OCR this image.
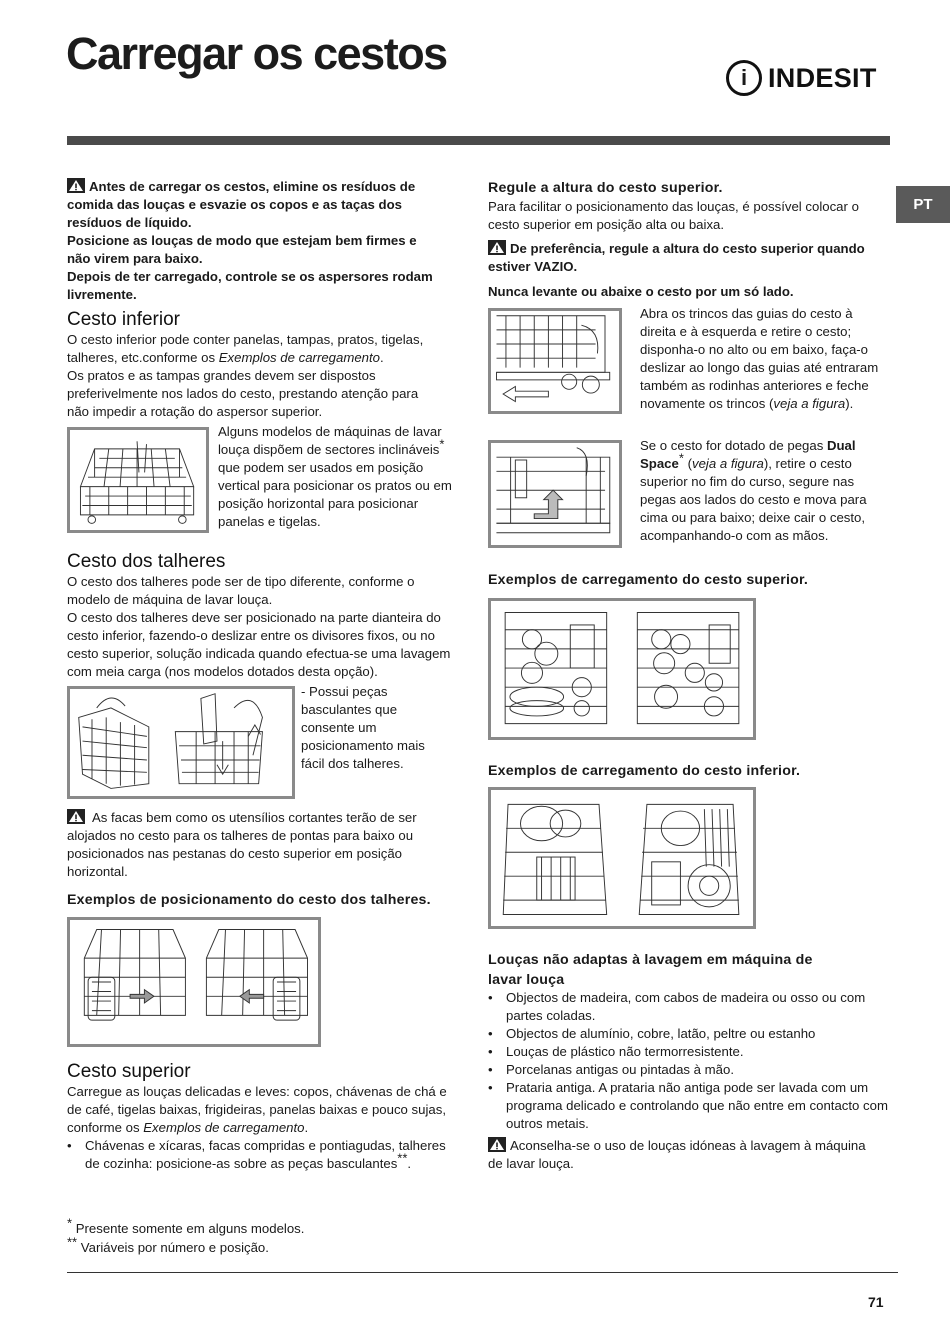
Carregar os cestos	i INDESIT
PT

Antes de carregar os cestos, elimine os resíduos de comida das louças e esvazie os copos e as taças dos resíduos de líquido.

Posicione as louças de modo que estejam bem firmes e não virem para baixo.

Depois de ter carregado, controle se os aspersores rodam livremente.

Cesto inferior

O cesto inferior pode conter panelas, tampas, pratos, tigelas, talheres, etc.conforme os Exemplos de carregamento.

Os pratos e as tampas grandes devem ser dispostos preferivelmente nos lados do cesto, prestando atenção para não impedir a rotação do aspersor superior.

Alguns modelos de máquinas de lavar louça dispõem de sectores inclináveis* que podem ser usados em posição vertical para posicionar os pratos ou em posição horizontal para posicionar panelas e tigelas.
Cesto dos talheres

O cesto dos talheres pode ser de tipo diferente, conforme o modelo de máquina de lavar louça.

O cesto dos talheres deve ser posicionado na parte dianteira do cesto inferior, fazendo-o deslizar entre os divisores fixos, ou no cesto superior, solução indicada quando efectua-se uma lavagem com meia carga (nos modelos dotados desta opção).

- Possui peças basculantes que consente um posicionamento mais fácil dos talheres.
As facas bem como os utensílios cortantes terão de ser alojados no cesto para os talheres de pontas para baixo ou posicionados nas pestanas do cesto superior em posição horizontal.
Exemplos de posicionamento do cesto dos talheres.
Cesto superior

Carregue as louças delicadas e leves: copos, chávenas de chá e de café, tigelas baixas, frigideiras, panelas baixas e pouco sujas, conforme os Exemplos de carregamento.

• Chávenas e xícaras, facas compridas e pontiagudas, talheres de cozinha: posicione-as sobre as peças basculantes**.
* Presente somente em alguns modelos.
** Variáveis por número e posição.
Regule a altura do cesto superior.
Para facilitar o posicionamento das louças, é possível colocar o cesto superior em posição alta ou baixa.
De preferência, regule a altura do cesto superior quando estiver VAZIO.
Nunca levante ou abaixe o cesto por um só lado.
Abra os trincos das guias do cesto à direita e à esquerda e retire o cesto; disponha-o no alto ou em baixo, faça-o deslizar ao longo das guias até entraram também as rodinhas anteriores e feche novamente os trincos (veja a figura).
Se o cesto for dotado de pegas Dual Space* (veja a figura), retire o cesto superior no fim do curso, segure nas pegas aos lados do cesto e mova para cima ou para baixo; deixe cair o cesto, acompanhando-o com as mãos.
Exemplos de carregamento do cesto superior.
Exemplos de carregamento do cesto inferior.
Louças não adaptas à lavagem em máquina de lavar louça
• Objectos de madeira, com cabos de madeira ou osso ou com partes coladas.
• Objectos de alumínio, cobre, latão, peltre ou estanho
• Louças de plástico não termorresistente.
• Porcelanas antigas ou pintadas à mão.
• Prataria antiga. A prataria não antiga pode ser lavada com um programa delicado e controlando que não entre em contacto com outros metais.
Aconselha-se o uso de louças idóneas à lavagem à máquina de lavar louça.
71
